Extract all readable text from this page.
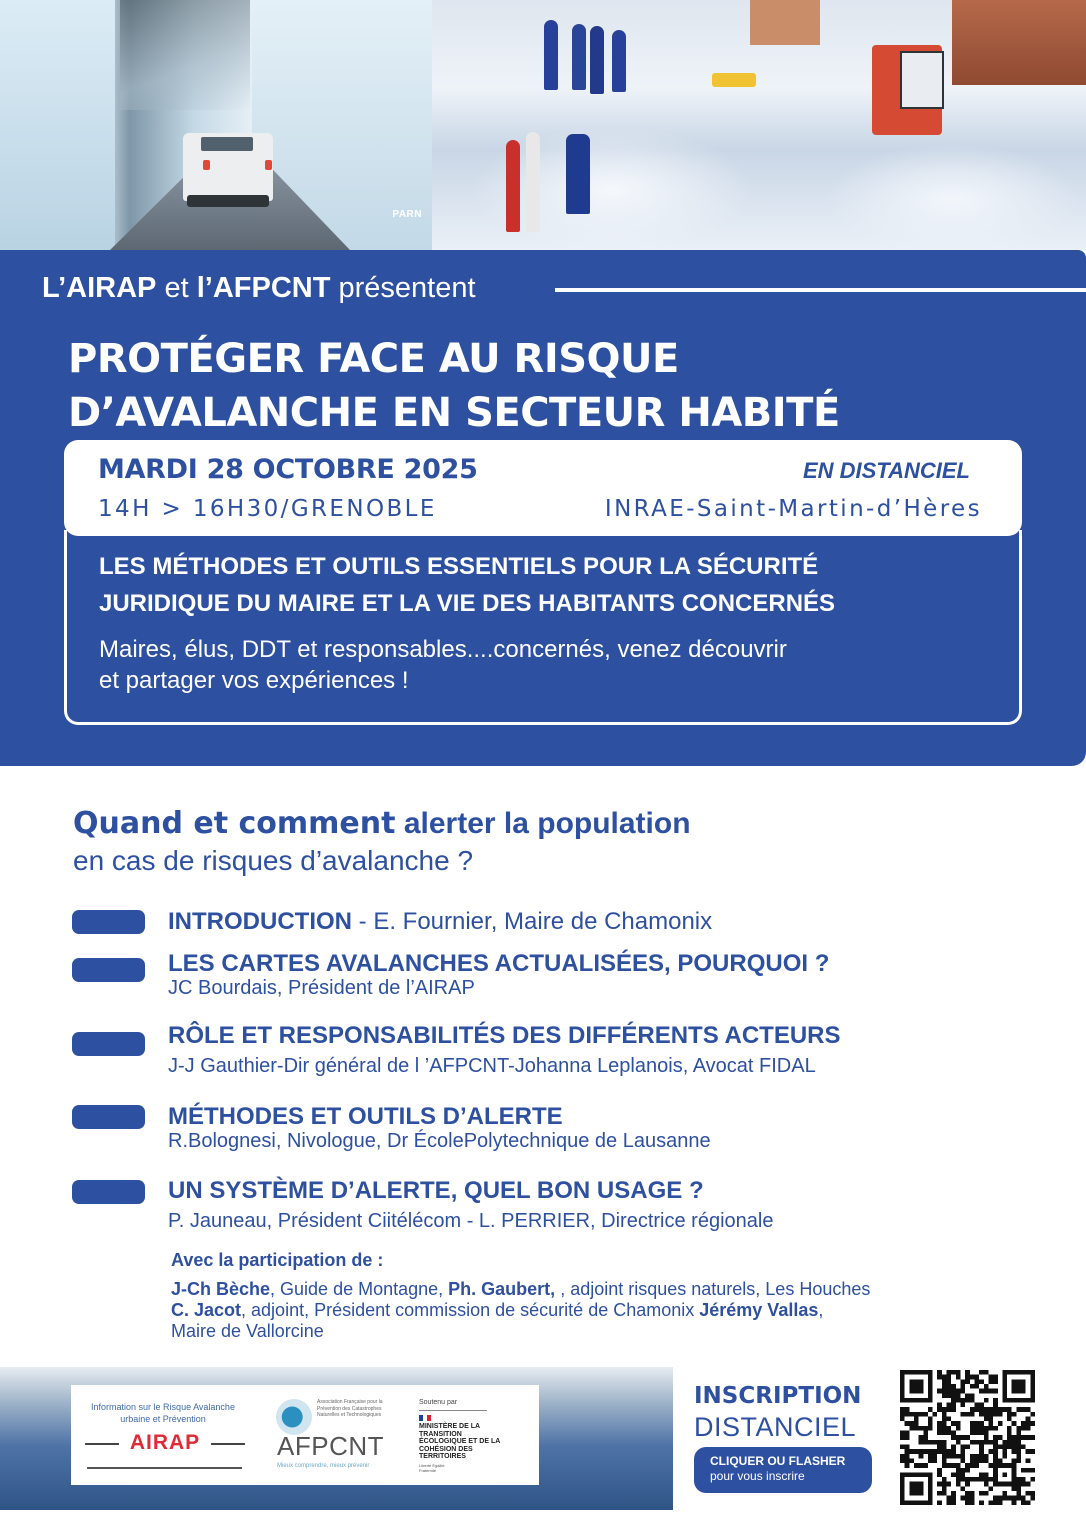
PARN
L’AIRAP et l’AFPCNT présentent
PROTÉGER FACE AU RISQUE
D’AVALANCHE EN SECTEUR HABITÉ
MARDI 28 OCTOBRE 2025	EN DISTANCIEL
14H > 16H30/GRENOBLE	INRAE-Saint-Martin-d’Hères
LES MÉTHODES ET OUTILS ESSENTIELS POUR LA SÉCURITÉ
JURIDIQUE DU MAIRE ET LA VIE DES HABITANTS CONCERNÉS
Maires, élus, DDT et responsables....concernés, venez découvrir
et partager vos expériences !
Quand et comment alerter la population
en cas de risques d’avalanche ?
INTRODUCTION - E. Fournier, Maire de Chamonix
LES CARTES AVALANCHES ACTUALISÉES, POURQUOI ?
JC Bourdais, Président de l’AIRAP
RÔLE ET RESPONSABILITÉS DES DIFFÉRENTS ACTEURS
J-J Gauthier-Dir général de l ’AFPCNT-Johanna Leplanois, Avocat FIDAL
MÉTHODES ET OUTILS D’ALERTE
R.Bolognesi, Nivologue, Dr ÉcolePolytechnique de Lausanne
UN SYSTÈME D’ALERTE, QUEL BON USAGE ?
P. Jauneau, Président Ciitélécom - L. PERRIER, Directrice régionale
Avec la participation de :
J-Ch Bèche, Guide de Montagne, Ph. Gaubert, , adjoint risques naturels, Les Houches
C. Jacot, adjoint, Président commission de sécurité de Chamonix Jérémy Vallas,
Maire de Vallorcine
Information sur le Risque Avalanche urbaine et Prévention
AIRAP
Association Française pour la Prévention des Catastrophes Naturelles et Technologiques
AFPCNT
Mieux comprendre, mieux prévenir
Soutenu par
MINISTÈRE DE LA TRANSITION ÉCOLOGIQUE ET DE LA COHÉSION DES TERRITOIRES
Liberté Égalité Fraternité
INSCRIPTION
DISTANCIEL
CLIQUER OU FLASHER
pour vous inscrire
